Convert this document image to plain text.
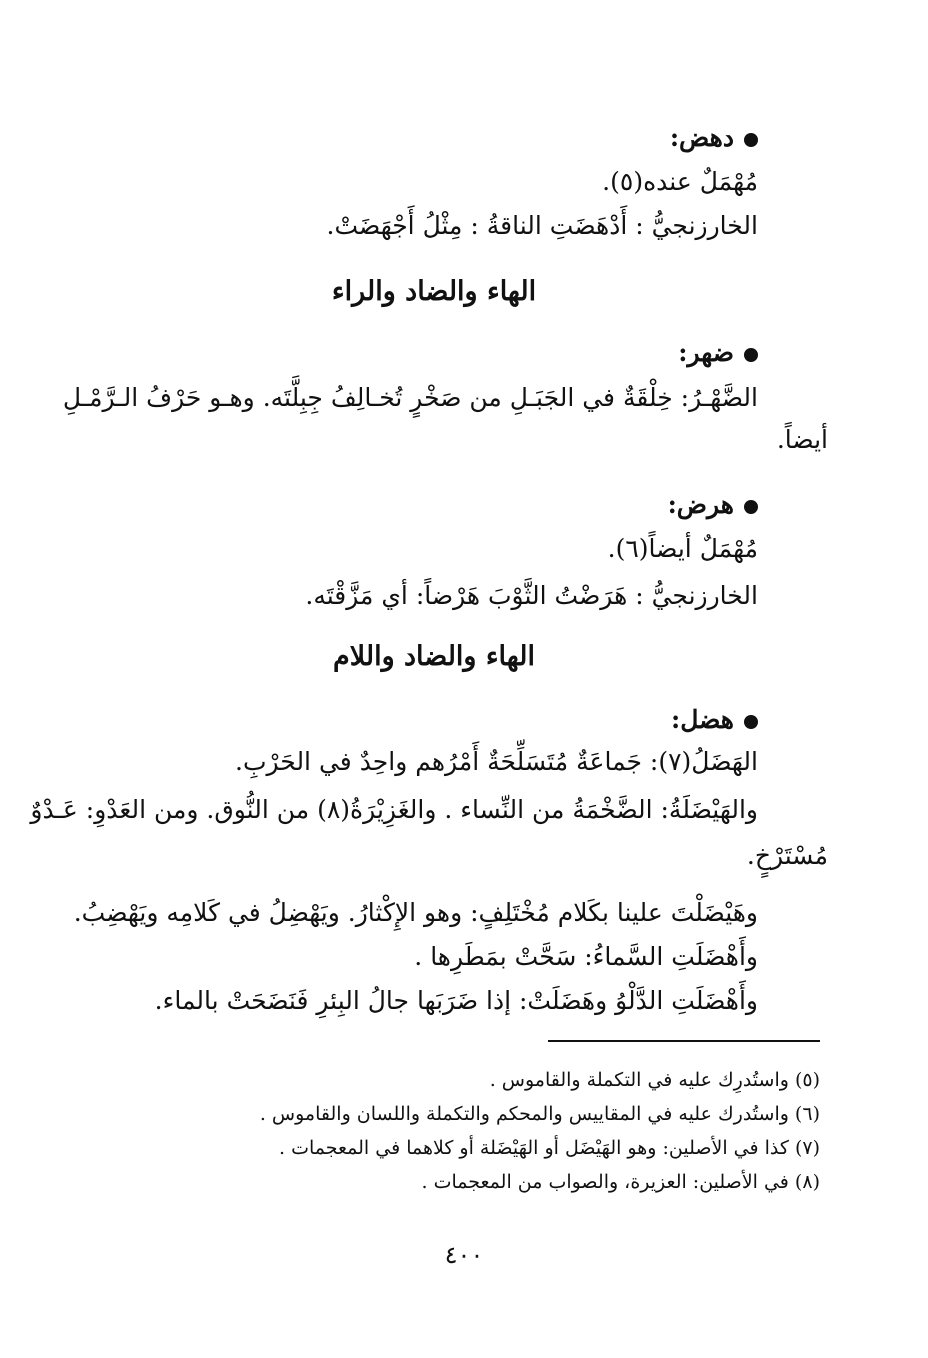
دهض:
مُهْمَلٌ عنده(٥).
الخارزنجيُّ : أَدْهَضَتِ الناقةُ : مِثْلُ أَجْهَضَتْ.
الهاء والضاد والراء
ضهر:
الضَّهْـرُ: خِلْقَةٌ في الجَبَـلِ من صَخْرٍ تُخـالِفُ جِبِلَّتَه. وهـو حَرْفُ الـرَّمْـلِ
أيضاً.
هرض:
مُهْمَلٌ أيضاً(٦).
الخارزنجيُّ : هَرَضْتُ الثَّوْبَ هَرْضاً: أي مَزَّقْتَه.
الهاء والضاد واللام
هضل:
الهَضَلُ(٧): جَماعَةٌ مُتَسَلِّحَةٌ أَمْرُهم واحِدٌ في الحَرْبِ.
والهَيْضَلَةُ: الضَّخْمَةُ من النِّساء . والغَزِيْرَةُ(٨) من النُّوق. ومن العَدْوِ: عَـدْوٌ
مُسْتَرْخٍ.
وهَيْضَلْتَ علينا بكَلام مُخْتَلِفٍ: وهو الإِكْثارُ. ويَهْضِلُ في كَلامِه ويَهْضِبُ.
وأَهْضَلَتِ السَّماءُ: سَحَّتْ بمَطَرِها .
وأَهْضَلَتِ الدَّلْوُ وهَضَلَتْ: إذا ضَرَبَها جالُ البِئرِ فَنَضَحَتْ بالماء.
(٥) واستُدرِك عليه في التكملة والقاموس .
(٦) واستُدرك عليه في المقاييس والمحكم والتكملة واللسان والقاموس .
(٧) كذا في الأصلين: وهو الهَيْضَل أو الهَيْضَلة أو كلاهما في المعجمات .
(٨) في الأصلين: العزيرة، والصواب من المعجمات .
٤٠٠
